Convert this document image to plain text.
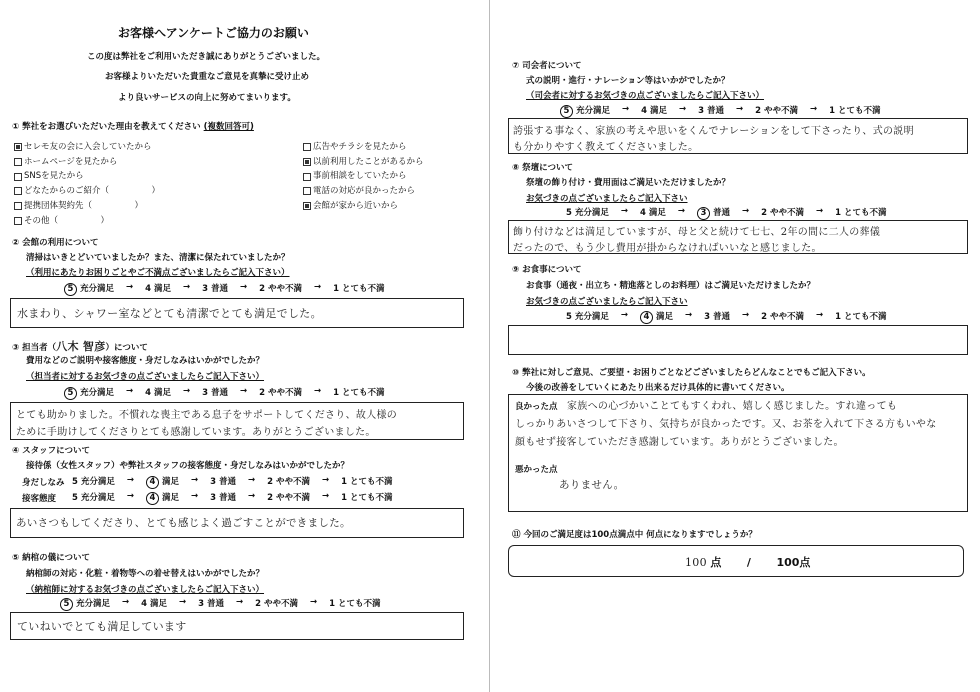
お客様へアンケートご協力のお願い
この度は弊社をご利用いただき誠にありがとうございました。
お客様よりいただいた貴重なご意見を真摯に受け止め
より良いサービスの向上に努めてまいります。
① 弊社をお選びいただいた理由を教えてください (複数回答可)
セレモ友の会に入会していたから
ホームページを見たから
SNSを見たから
どなたからのご紹介（　　　　　）
提携団体契約先（　　　　　）
その他（　　　　　）
広告やチラシを見たから
以前利用したことがあるから
事前相談をしていたから
電話の対応が良かったから
会館が家から近いから
② 会館の利用について
清掃はいきとどいていましたか？また、清潔に保たれていましたか？
（利用にあたりお困りごとやご不満点ございましたらご記入下さい）
5 充分満足 → 4 満足 → 3 普通 → 2 やや不満 → 1 とても不満
水まわり、シャワー室などとても清潔でとても満足でした。
③ 担当者（八木 智彦）について
費用などのご説明や接客態度・身だしなみはいかがでしたか？
（担当者に対するお気づきの点ございましたらご記入下さい）
5 充分満足 → 4 満足 → 3 普通 → 2 やや不満 → 1 とても不満
とても助かりました。不慣れな喪主である息子をサポートしてくださり、故人様の
ために手助けしてくださりとても感謝しています。ありがとうございました。
④ スタッフについて
接待係（女性スタッフ）や弊社スタッフの接客態度・身だしなみはいかがでしたか？
身だしなみ 5 充分満足 →	4 満足 → 3 普通 → 2 やや不満 → 1 とても不満
接客態度 5 充分満足 →	4 満足 → 3 普通 → 2 やや不満 → 1 とても不満
あいさつもしてくださり、とても感じよく過ごすことができました。
⑤ 納棺の儀について
納棺師の対応・化粧・着物等への着せ替えはいかがでしたか？
（納棺師に対するお気づきの点ございましたらご記入下さい）
5 充分満足 → 4 満足 → 3 普通 → 2 やや不満 → 1 とても不満
ていねいでとても満足しています
⑦ 司会者について
式の説明・進行・ナレーション等はいかがでしたか？
（司会者に対するお気づきの点ございましたらご記入下さい）
5 充分満足 → 4 満足 → 3 普通 → 2 やや不満 → 1 とても不満
誇張する事なく、家族の考えや思いをくんでナレーションをして下さったり、式の説明
も分かりやすく教えてくださいました。
⑧ 祭壇について
祭壇の飾り付け・費用面はご満足いただけましたか？
お気づきの点ございましたらご記入下さい
5 充分満足 → 4 満足 →	3 普通 → 2 やや不満 → 1 とても不満
飾り付けなどは満足していますが、母と父と続けて七七、2年の間に二人の葬儀
だったので、もう少し費用が掛からなければいいなと感じました。
⑨ お食事について
お食事（通夜・出立ち・精進落としのお料理）はご満足いただけましたか？
お気づきの点ございましたらご記入下さい
5 充分満足 →	4 満足 → 3 普通 → 2 やや不満 → 1 とても不満
⑩ 弊社に対しご意見、ご要望・お困りごとなどございましたらどんなことでもご記入下さい。
今後の改善をしていくにあたり出来るだけ具体的に書いてください。
良かった点 家族への心づかいことてもすくわれ、嬉しく感じました。すれ違っても
しっかりあいさつして下さり、気持ちが良かったです。又、お茶を入れて下さる方もいやな
顔もせず接客していただき感謝しています。ありがとうございました。
悪かった点
ありません。
⑪ 今回のご満足度は100点満点中 何点になりますでしょうか？
100 点 / 100点
